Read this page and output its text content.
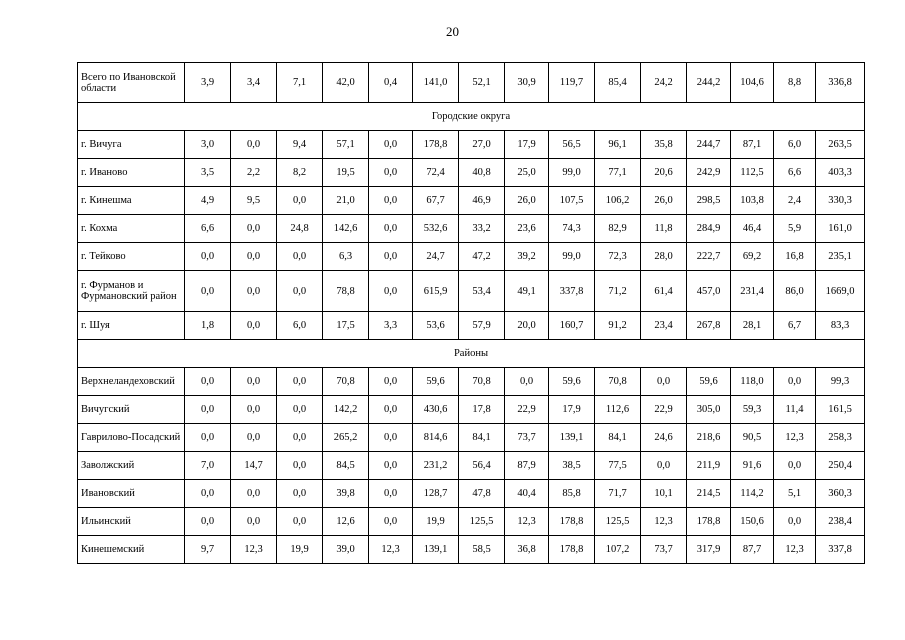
20
Всего по Ивановской области	3,9	3,4	7,1	42,0	0,4	141,0	52,1	30,9	119,7	85,4	24,2	244,2	104,6	8,8	336,8
Городские округа															
г. Вичуга	3,0	0,0	9,4	57,1	0,0	178,8	27,0	17,9	56,5	96,1	35,8	244,7	87,1	6,0	263,5
г. Иваново	3,5	2,2	8,2	19,5	0,0	72,4	40,8	25,0	99,0	77,1	20,6	242,9	112,5	6,6	403,3
г. Кинешма	4,9	9,5	0,0	21,0	0,0	67,7	46,9	26,0	107,5	106,2	26,0	298,5	103,8	2,4	330,3
г. Кохма	6,6	0,0	24,8	142,6	0,0	532,6	33,2	23,6	74,3	82,9	11,8	284,9	46,4	5,9	161,0
г. Тейково	0,0	0,0	0,0	6,3	0,0	24,7	47,2	39,2	99,0	72,3	28,0	222,7	69,2	16,8	235,1
г. Фурманов и Фурмановский район	0,0	0,0	0,0	78,8	0,0	615,9	53,4	49,1	337,8	71,2	61,4	457,0	231,4	86,0	1669,0
г. Шуя	1,8	0,0	6,0	17,5	3,3	53,6	57,9	20,0	160,7	91,2	23,4	267,8	28,1	6,7	83,3
Районы															
Верхнеландеховский	0,0	0,0	0,0	70,8	0,0	59,6	70,8	0,0	59,6	70,8	0,0	59,6	118,0	0,0	99,3
Вичугский	0,0	0,0	0,0	142,2	0,0	430,6	17,8	22,9	17,9	112,6	22,9	305,0	59,3	11,4	161,5
Гаврилово-Посадский	0,0	0,0	0,0	265,2	0,0	814,6	84,1	73,7	139,1	84,1	24,6	218,6	90,5	12,3	258,3
Заволжский	7,0	14,7	0,0	84,5	0,0	231,2	56,4	87,9	38,5	77,5	0,0	211,9	91,6	0,0	250,4
Ивановский	0,0	0,0	0,0	39,8	0,0	128,7	47,8	40,4	85,8	71,7	10,1	214,5	114,2	5,1	360,3
Ильинский	0,0	0,0	0,0	12,6	0,0	19,9	125,5	12,3	178,8	125,5	12,3	178,8	150,6	0,0	238,4
Кинешемский	9,7	12,3	19,9	39,0	12,3	139,1	58,5	36,8	178,8	107,2	73,7	317,9	87,7	12,3	337,8
